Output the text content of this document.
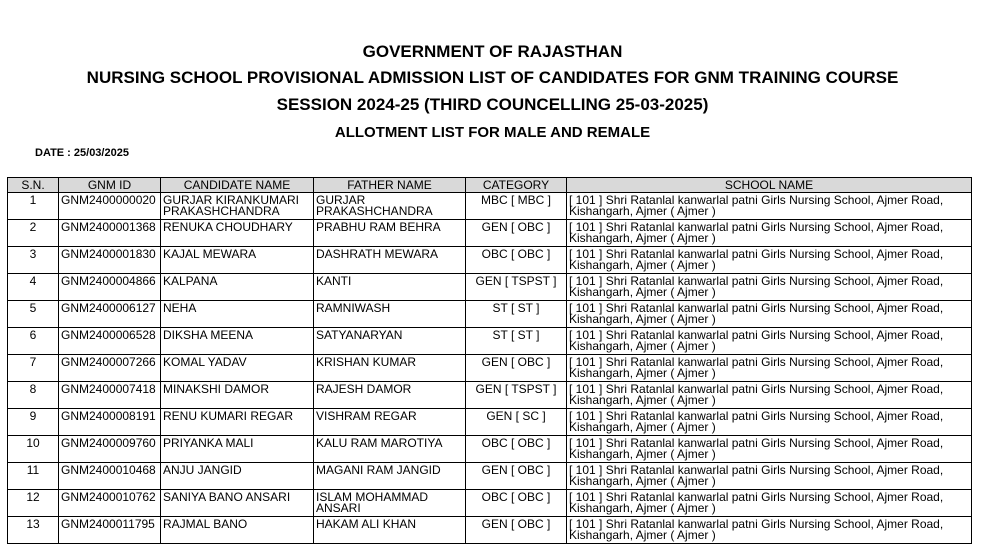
GOVERNMENT OF RAJASTHAN
NURSING SCHOOL PROVISIONAL ADMISSION LIST OF CANDIDATES FOR GNM TRAINING COURSE
SESSION 2024-25 (THIRD COUNCELLING 25-03-2025)
ALLOTMENT LIST FOR MALE AND REMALE
DATE : 25/03/2025
S.N.	GNM ID	CANDIDATE NAME	FATHER NAME	CATEGORY	SCHOOL NAME
1	GNM2400000020	GURJAR KIRANKUMARI PRAKASHCHANDRA	GURJAR PRAKASHCHANDRA	MBC [ MBC ]	[ 101 ] Shri Ratanlal kanwarlal patni Girls Nursing School, Ajmer Road, Kishangarh, Ajmer ( Ajmer )
2	GNM2400001368	RENUKA CHOUDHARY	PRABHU RAM BEHRA	GEN [ OBC ]	[ 101 ] Shri Ratanlal kanwarlal patni Girls Nursing School, Ajmer Road, Kishangarh, Ajmer ( Ajmer )
3	GNM2400001830	KAJAL MEWARA	DASHRATH MEWARA	OBC [ OBC ]	[ 101 ] Shri Ratanlal kanwarlal patni Girls Nursing School, Ajmer Road, Kishangarh, Ajmer ( Ajmer )
4	GNM2400004866	KALPANA	KANTI	GEN [ TSPST ]	[ 101 ] Shri Ratanlal kanwarlal patni Girls Nursing School, Ajmer Road, Kishangarh, Ajmer ( Ajmer )
5	GNM2400006127	NEHA	RAMNIWASH	ST [ ST ]	[ 101 ] Shri Ratanlal kanwarlal patni Girls Nursing School, Ajmer Road, Kishangarh, Ajmer ( Ajmer )
6	GNM2400006528	DIKSHA MEENA	SATYANARYAN	ST [ ST ]	[ 101 ] Shri Ratanlal kanwarlal patni Girls Nursing School, Ajmer Road, Kishangarh, Ajmer ( Ajmer )
7	GNM2400007266	KOMAL YADAV	KRISHAN KUMAR	GEN [ OBC ]	[ 101 ] Shri Ratanlal kanwarlal patni Girls Nursing School, Ajmer Road, Kishangarh, Ajmer ( Ajmer )
8	GNM2400007418	MINAKSHI DAMOR	RAJESH DAMOR	GEN [ TSPST ]	[ 101 ] Shri Ratanlal kanwarlal patni Girls Nursing School, Ajmer Road, Kishangarh, Ajmer ( Ajmer )
9	GNM2400008191	RENU KUMARI REGAR	VISHRAM REGAR	GEN [ SC ]	[ 101 ] Shri Ratanlal kanwarlal patni Girls Nursing School, Ajmer Road, Kishangarh, Ajmer ( Ajmer )
10	GNM2400009760	PRIYANKA MALI	KALU RAM MAROTIYA	OBC [ OBC ]	[ 101 ] Shri Ratanlal kanwarlal patni Girls Nursing School, Ajmer Road, Kishangarh, Ajmer ( Ajmer )
11	GNM2400010468	ANJU JANGID	MAGANI RAM JANGID	GEN [ OBC ]	[ 101 ] Shri Ratanlal kanwarlal patni Girls Nursing School, Ajmer Road, Kishangarh, Ajmer ( Ajmer )
12	GNM2400010762	SANIYA BANO ANSARI	ISLAM MOHAMMAD ANSARI	OBC [ OBC ]	[ 101 ] Shri Ratanlal kanwarlal patni Girls Nursing School, Ajmer Road, Kishangarh, Ajmer ( Ajmer )
13	GNM2400011795	RAJMAL BANO	HAKAM ALI KHAN	GEN [ OBC ]	[ 101 ] Shri Ratanlal kanwarlal patni Girls Nursing School, Ajmer Road, Kishangarh, Ajmer ( Ajmer )
